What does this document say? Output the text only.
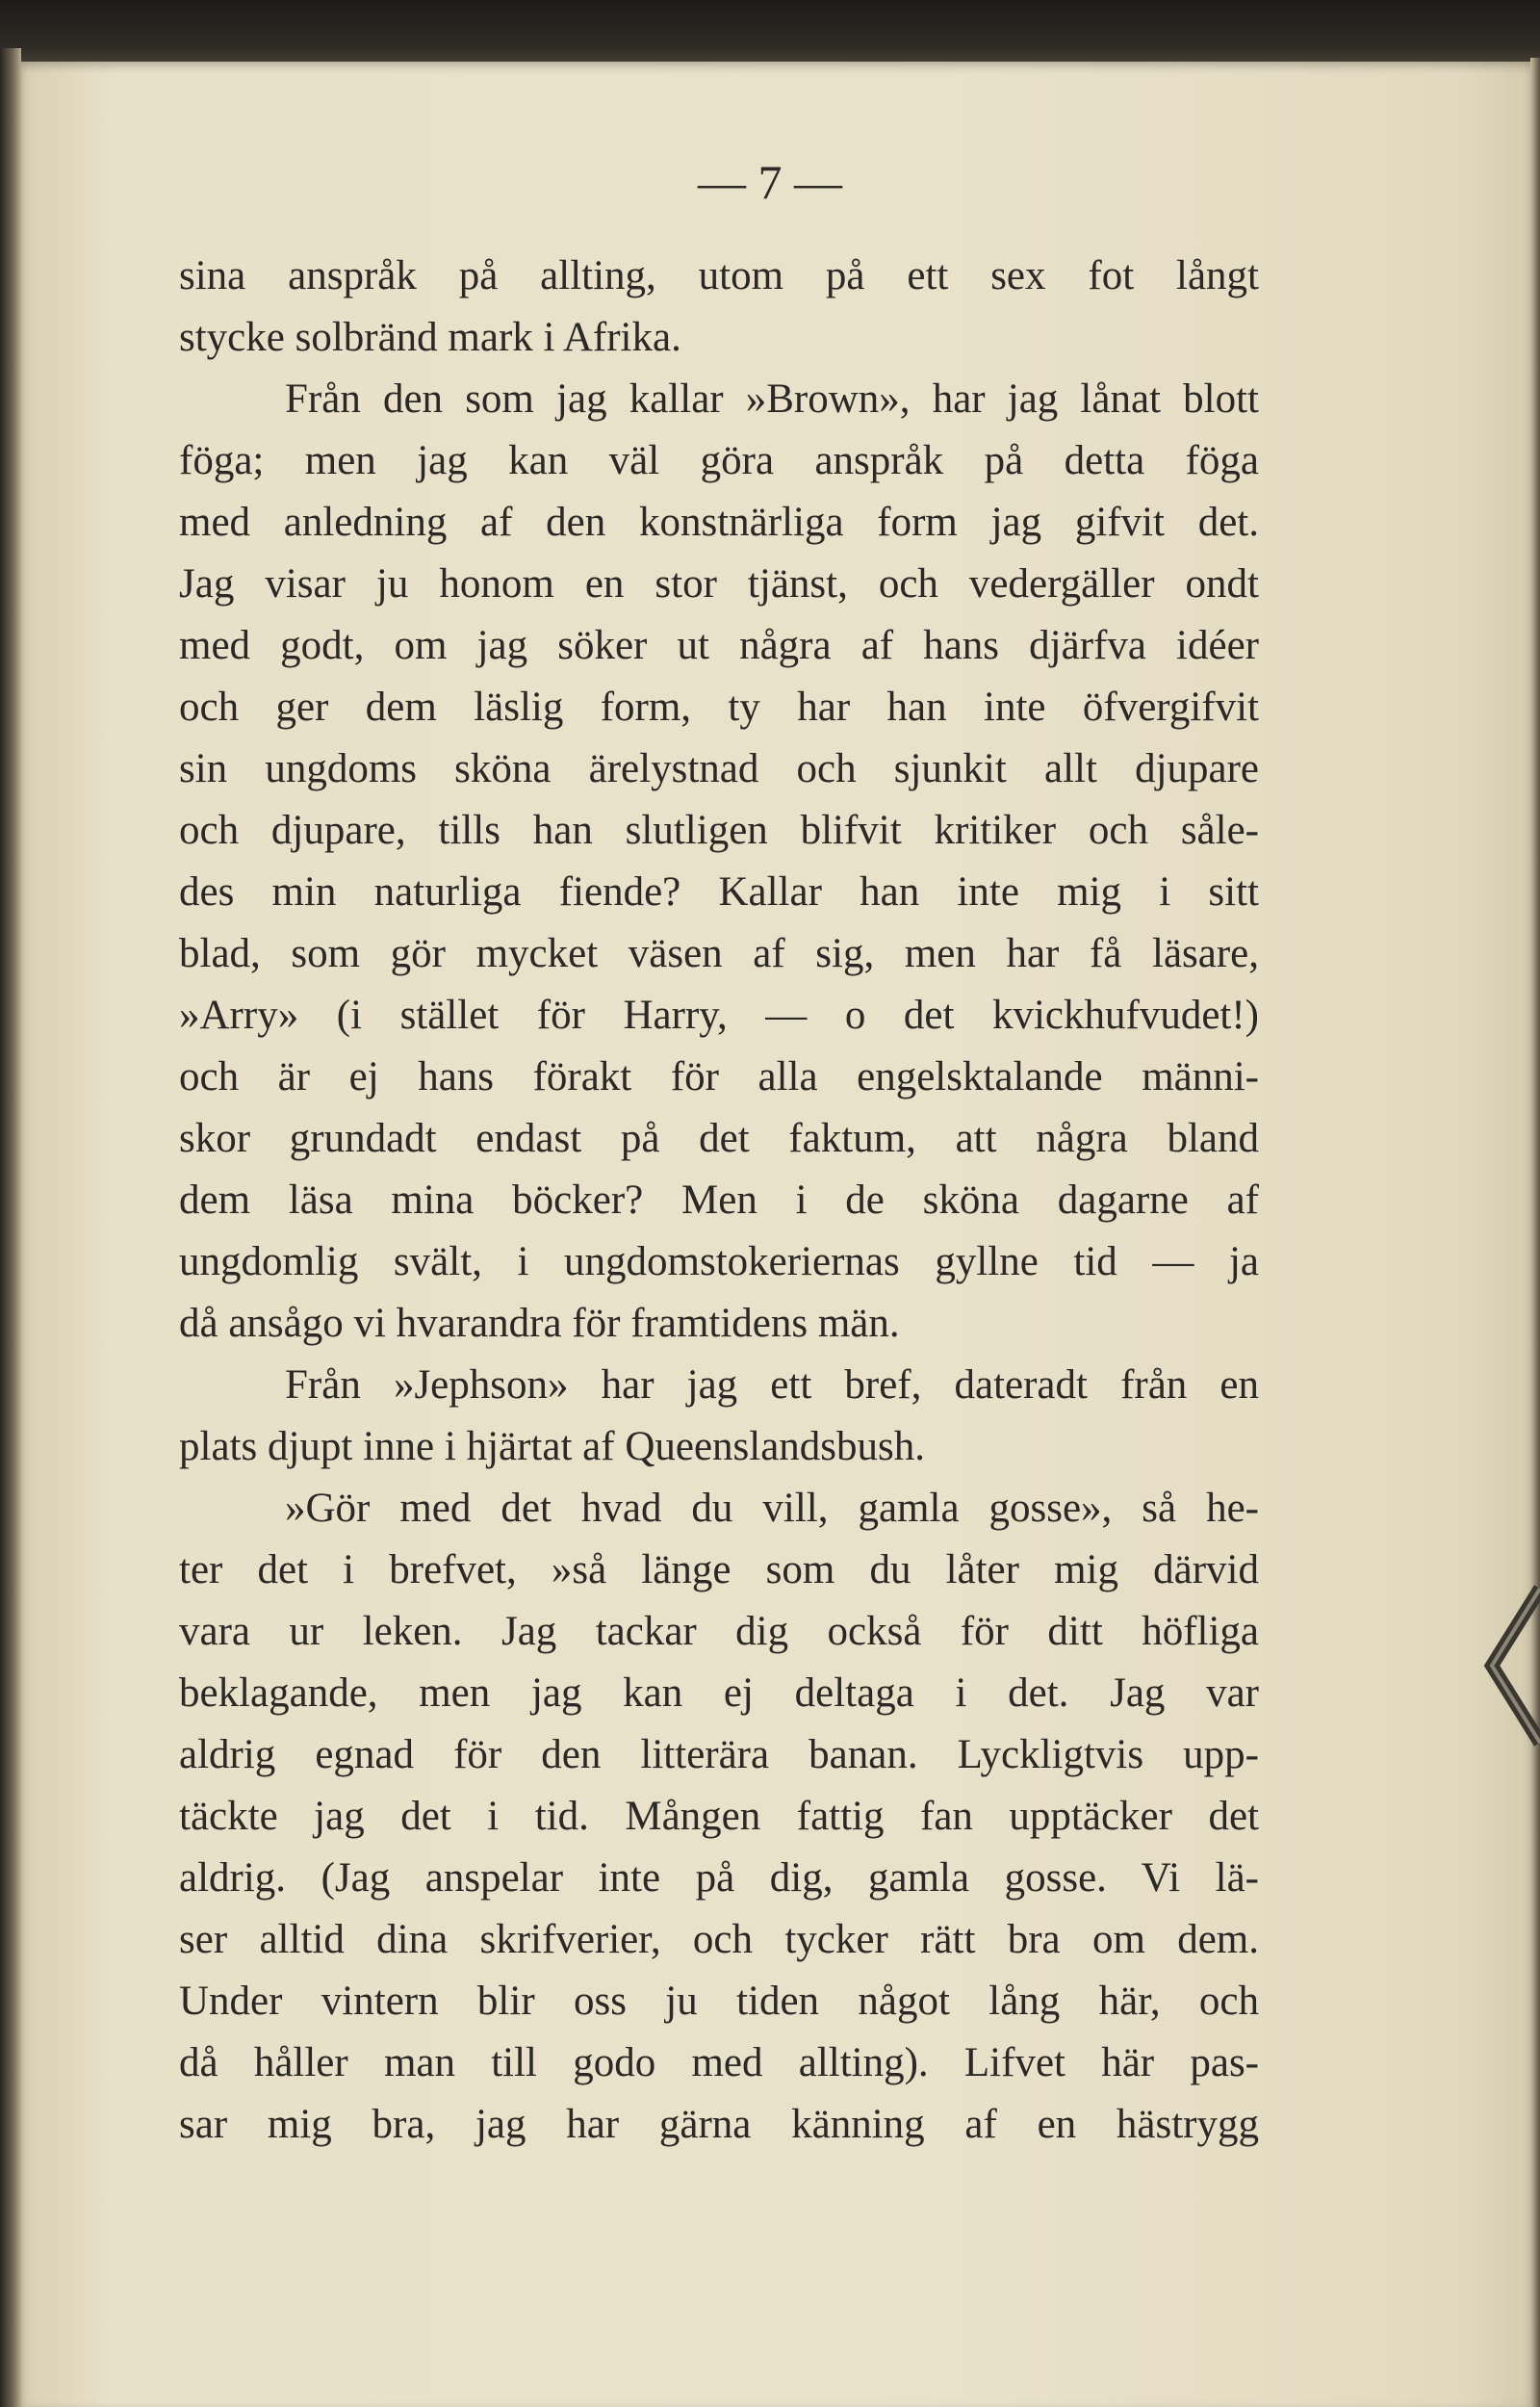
— 7 —
sina anspråk på allting, utom på ett sex fot långt
stycke solbränd mark i Afrika.
Från den som jag kallar »Brown», har jag lånat blott
föga; men jag kan väl göra anspråk på detta föga
med anledning af den konstnärliga form jag gifvit det.
Jag visar ju honom en stor tjänst, och vedergäller ondt
med godt, om jag söker ut några af hans djärfva idéer
och ger dem läslig form, ty har han inte öfvergifvit
sin ungdoms sköna ärelystnad och sjunkit allt djupare
och djupare, tills han slutligen blifvit kritiker och såle-
des min naturliga fiende? Kallar han inte mig i sitt
blad, som gör mycket väsen af sig, men har få läsare,
»Arry» (i stället för Harry, — o det kvickhufvudet!)
och är ej hans förakt för alla engelsktalande männi-
skor grundadt endast på det faktum, att några bland
dem läsa mina böcker? Men i de sköna dagarne af
ungdomlig svält, i ungdomstokeriernas gyllne tid — ja
då ansågo vi hvarandra för framtidens män.
Från »Jephson» har jag ett bref, dateradt från en
plats djupt inne i hjärtat af Queenslandsbush.
»Gör med det hvad du vill, gamla gosse», så he-
ter det i brefvet, »så länge som du låter mig därvid
vara ur leken. Jag tackar dig också för ditt höfliga
beklagande, men jag kan ej deltaga i det. Jag var
aldrig egnad för den litterära banan. Lyckligtvis upp-
täckte jag det i tid. Mången fattig fan upptäcker det
aldrig. (Jag anspelar inte på dig, gamla gosse. Vi lä-
ser alltid dina skrifverier, och tycker rätt bra om dem.
Under vintern blir oss ju tiden något lång här, och
då håller man till godo med allting). Lifvet här pas-
sar mig bra, jag har gärna känning af en hästrygg
